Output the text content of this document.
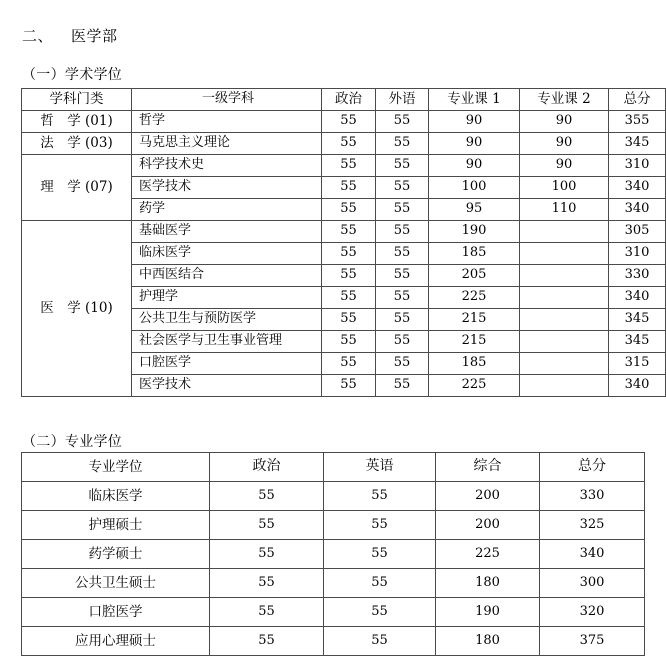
二、 医学部
（一）学术学位
学科门类	一级学科	政治	外语	专业课 1	专业课 2	总分
哲　学 (01)	哲学	55	55	90	90	355
法　学 (03)	马克思主义理论	55	55	90	90	345
理　学 (07)	科学技术史	55	55	90	90	310
	医学技术	55	55	100	100	340
	药学	55	55	95	110	340
医　学 (10)	基础医学	55	55	190		305
	临床医学	55	55	185		310
	中西医结合	55	55	205		330
	护理学	55	55	225		340
	公共卫生与预防医学	55	55	215		345
	社会医学与卫生事业管理	55	55	215		345
	口腔医学	55	55	185		315
	医学技术	55	55	225		340
（二）专业学位
专业学位	政治	英语	综合	总分
临床医学	55	55	200	330
护理硕士	55	55	200	325
药学硕士	55	55	225	340
公共卫生硕士	55	55	180	300
口腔医学	55	55	190	320
应用心理硕士	55	55	180	375
